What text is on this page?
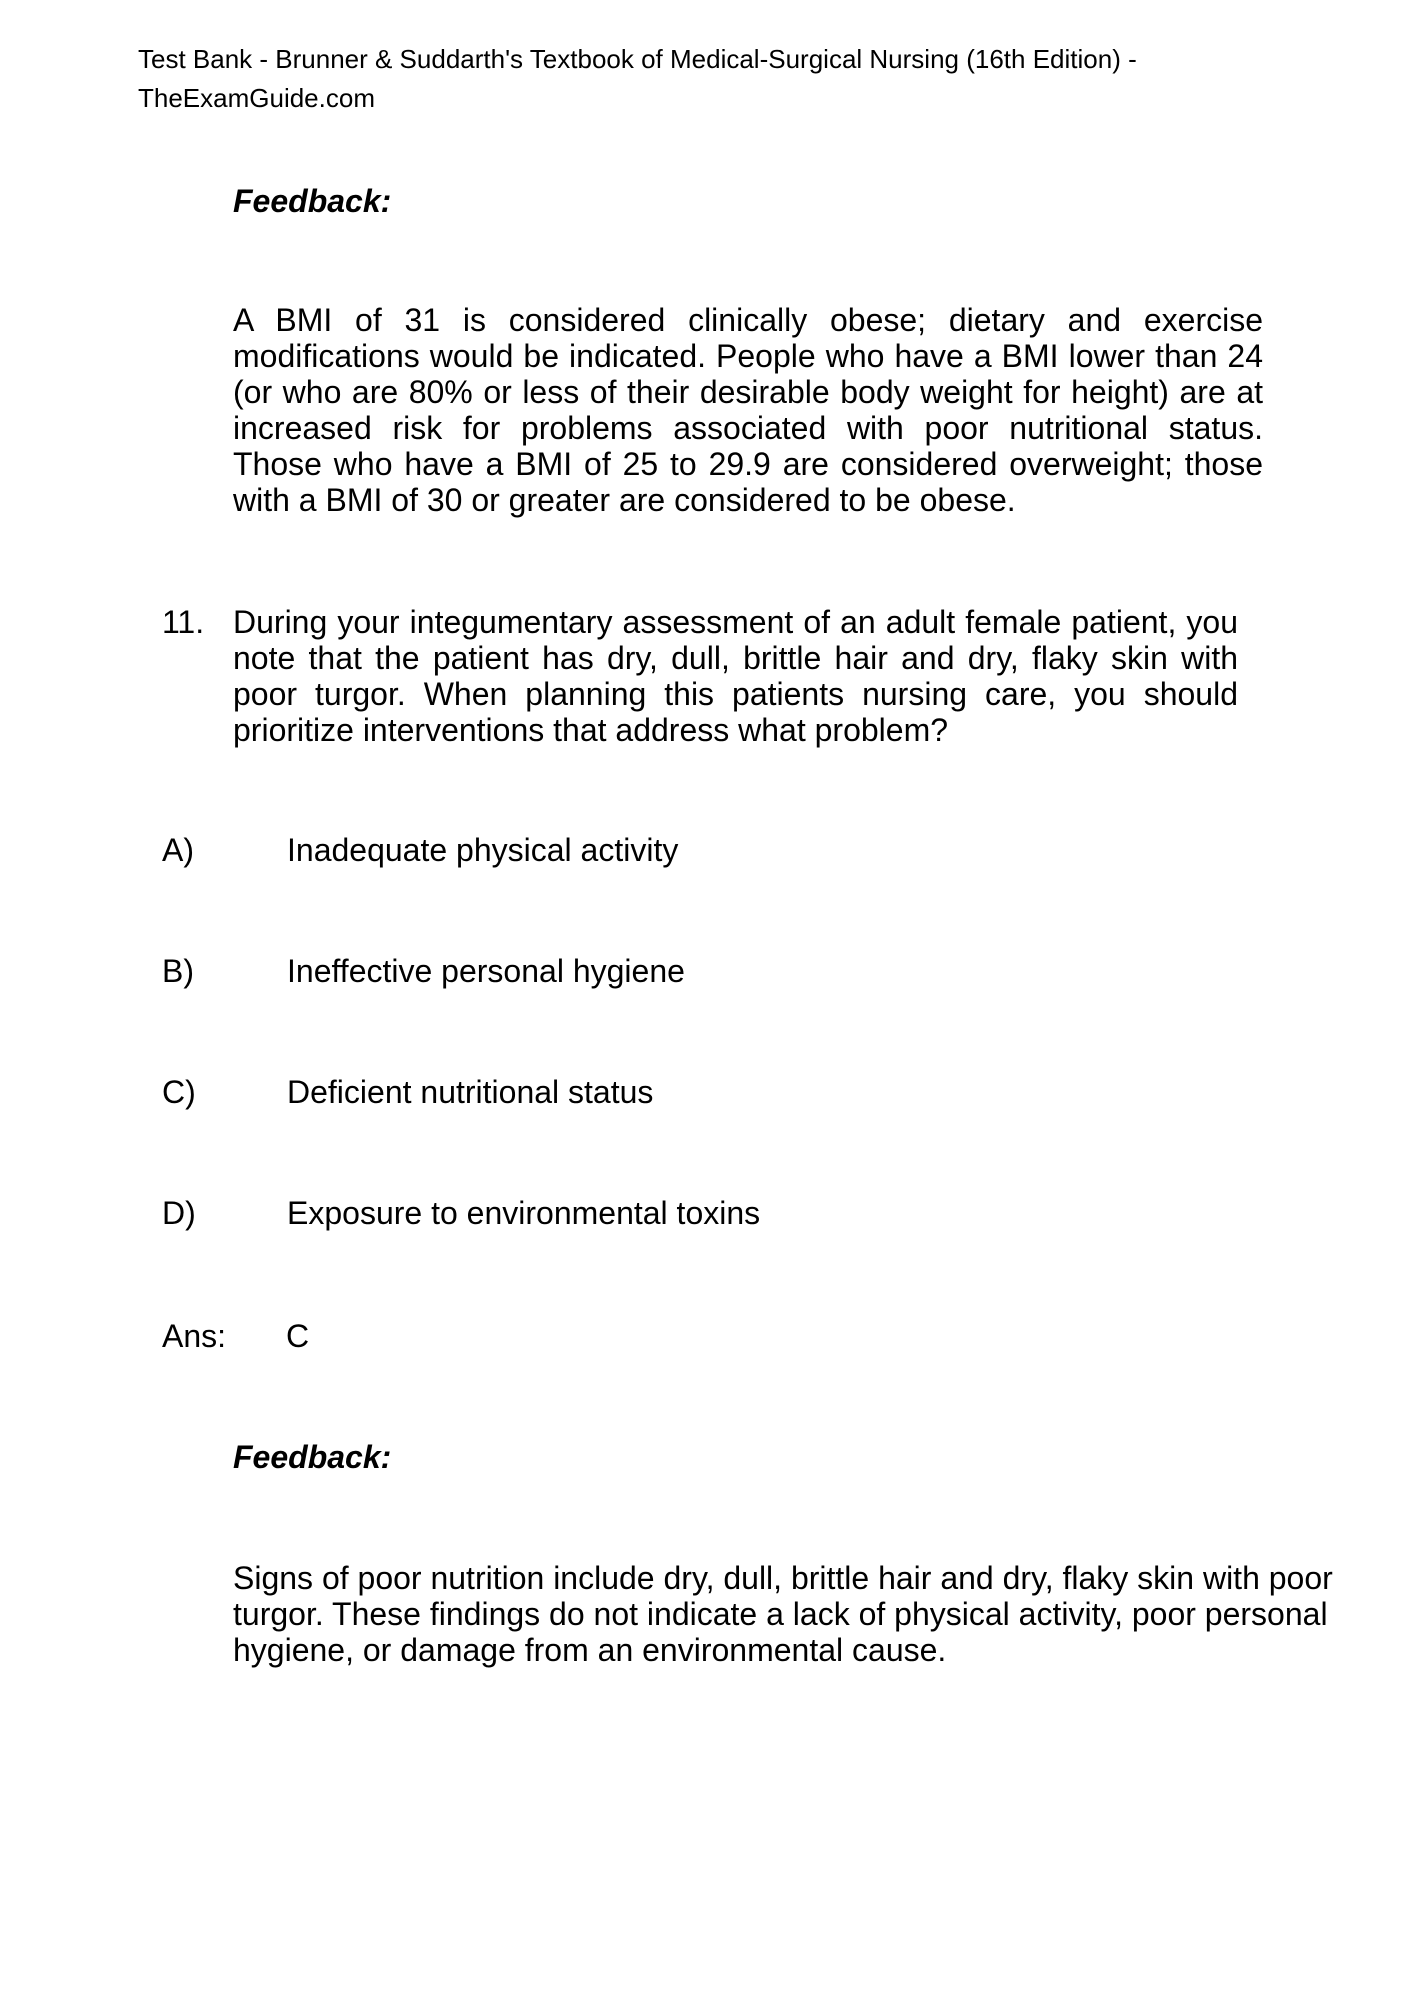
Test Bank - Brunner & Suddarth's Textbook of Medical-Surgical Nursing (16th Edition) -
TheExamGuide.com
Feedback:
A BMI of 31 is considered clinically obese; dietary and exercise modifications would be indicated. People who have a BMI lower than 24 (or who are 80% or less of their desirable body weight for height) are at increased risk for problems associated with poor nutritional status. Those who have a BMI of 25 to 29.9 are considered overweight; those with a BMI of 30 or greater are considered to be obese.
11. During your integumentary assessment of an adult female patient, you note that the patient has dry, dull, brittle hair and dry, flaky skin with poor turgor. When planning this patients nursing care, you should prioritize interventions that address what problem?
A)	Inadequate physical activity
B)	Ineffective personal hygiene
C)	Deficient nutritional status
D)	Exposure to environmental toxins
Ans: C
Feedback:
Signs of poor nutrition include dry, dull, brittle hair and dry, flaky skin with poor turgor. These findings do not indicate a lack of physical activity, poor personal hygiene, or damage from an environmental cause.
